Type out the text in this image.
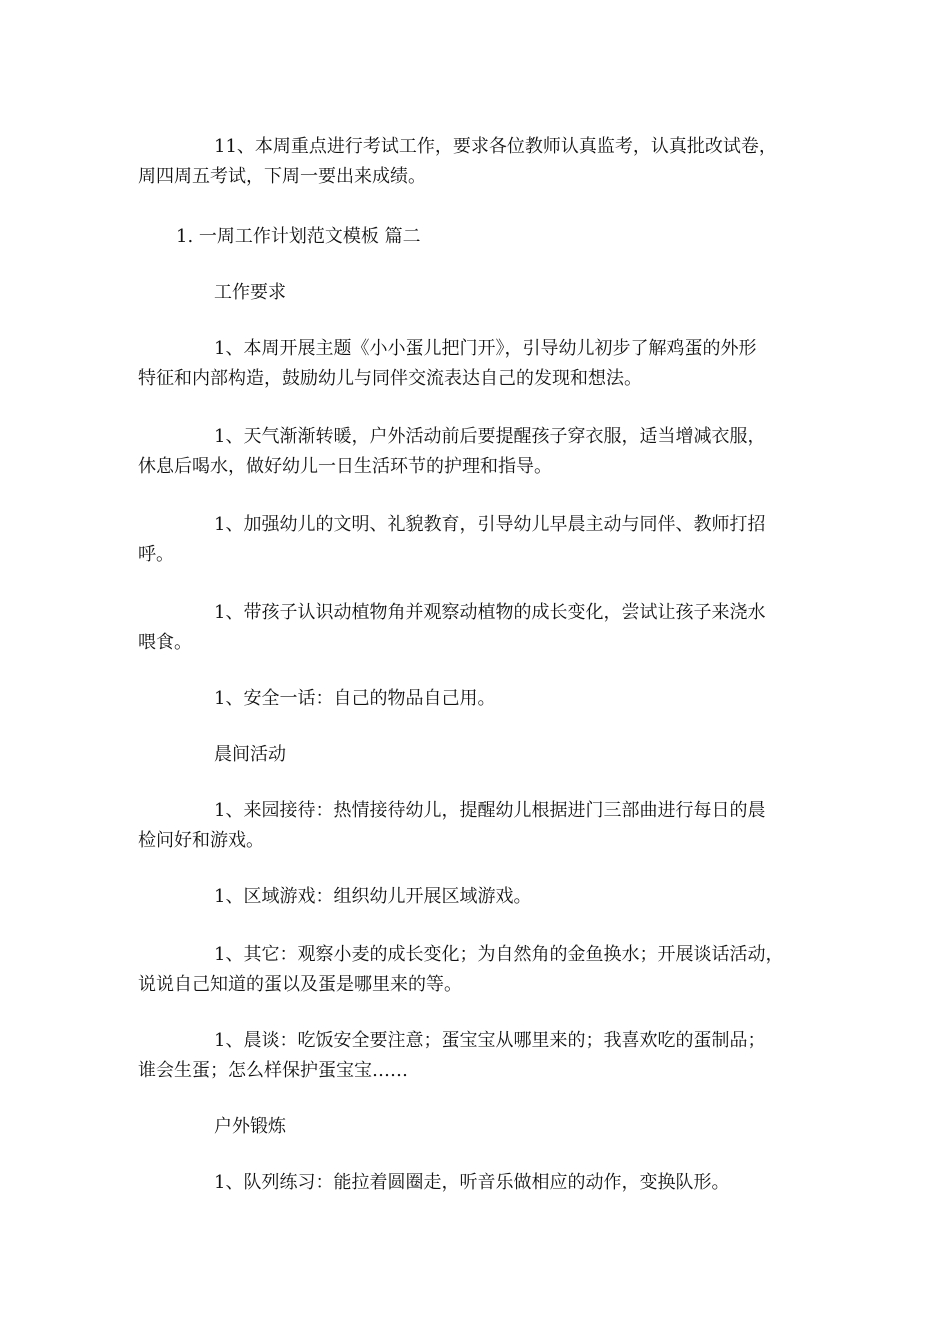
11、本周重点进行考试工作，要求各位教师认真监考，认真批改试卷，
周四周五考试，下周一要出来成绩。
1. 一周工作计划范文模板 篇二
工作要求
1、本周开展主题《小小蛋儿把门开》，引导幼儿初步了解鸡蛋的外形
特征和内部构造，鼓励幼儿与同伴交流表达自己的发现和想法。
1、天气渐渐转暖，户外活动前后要提醒孩子穿衣服，适当增减衣服，
休息后喝水，做好幼儿一日生活环节的护理和指导。
1、加强幼儿的文明、礼貌教育，引导幼儿早晨主动与同伴、教师打招
呼。
1、带孩子认识动植物角并观察动植物的成长变化，尝试让孩子来浇水
喂食。
1、安全一话：自己的物品自己用。
晨间活动
1、来园接待：热情接待幼儿，提醒幼儿根据进门三部曲进行每日的晨
检问好和游戏。
1、区域游戏：组织幼儿开展区域游戏。
1、其它：观察小麦的成长变化；为自然角的金鱼换水；开展谈话活动，
说说自己知道的蛋以及蛋是哪里来的等。
1、晨谈：吃饭安全要注意；蛋宝宝从哪里来的；我喜欢吃的蛋制品；
谁会生蛋；怎么样保护蛋宝宝……
户外锻炼
1、队列练习：能拉着圆圈走，听音乐做相应的动作，变换队形。
